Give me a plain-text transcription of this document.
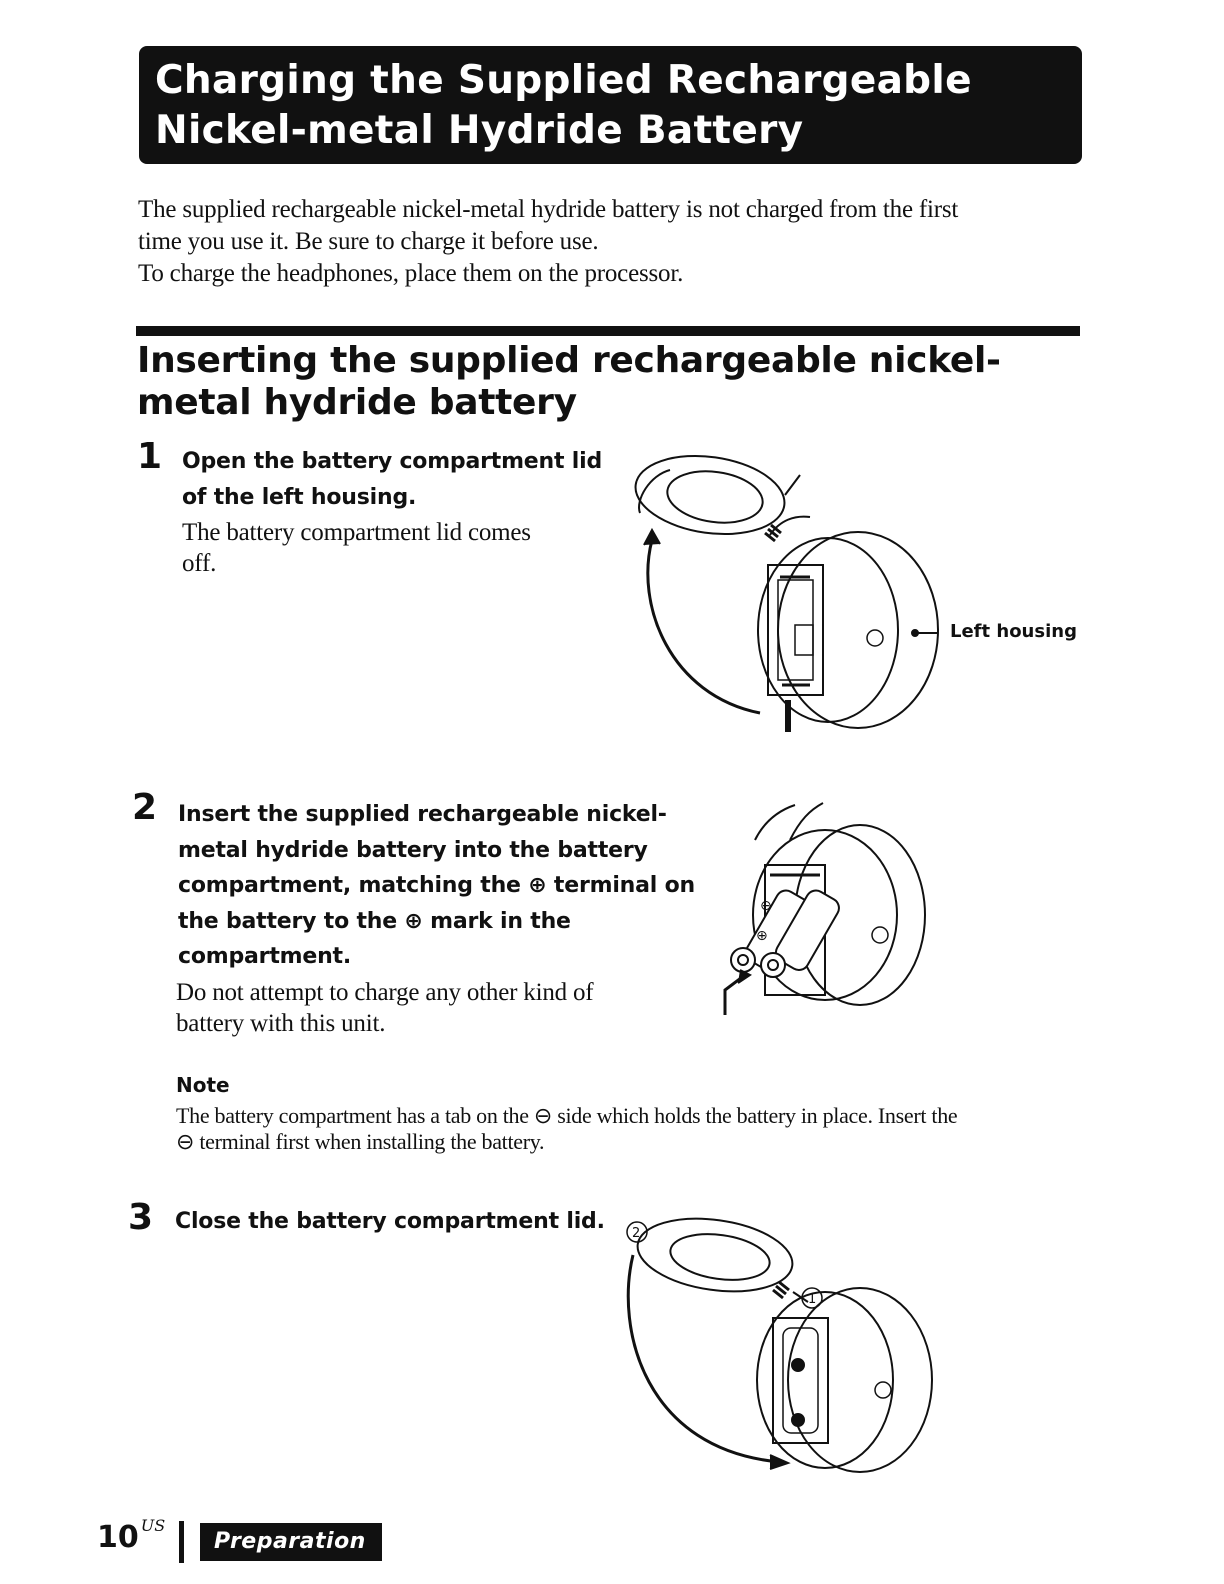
Charging the Supplied Rechargeable
Nickel-metal Hydride Battery
The supplied rechargeable nickel-metal hydride battery is not charged from the first
time you use it. Be sure to charge it before use.
To charge the headphones, place them on the processor.
Inserting the supplied rechargeable nickel-
metal hydride battery
1 Open the battery compartment lid
of the left housing.
The battery compartment lid comes
off.
Left housing
2 Insert the supplied rechargeable nickel-
metal hydride battery into the battery
compartment, matching the ⊕ terminal on
the battery to the ⊕ mark in the
compartment.
Do not attempt to charge any other kind of
battery with this unit.
⊖
⊕
Note
The battery compartment has a tab on the ⊖ side which holds the battery in place. Insert the
⊖ terminal first when installing the battery.
3 Close the battery compartment lid. 2
1
10 $^{US}$
Preparation
